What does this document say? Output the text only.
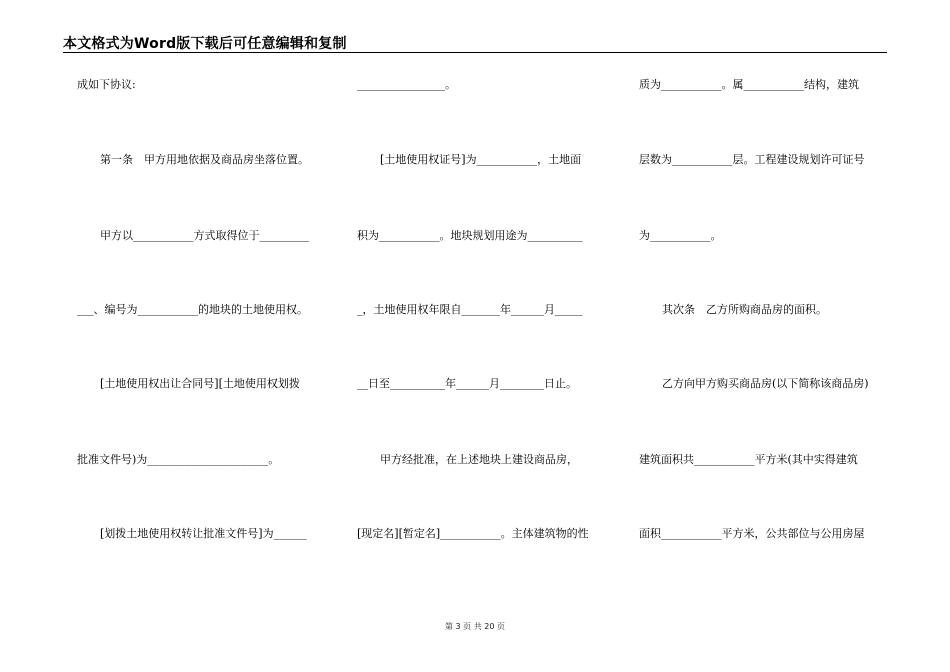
本文格式为Word版下载后可任意编辑和复制
成如下协议:
第一条　甲方用地依据及商品房坐落位置。
甲方以___________方式取得位于_________
___、编号为___________的地块的土地使用权。
[土地使用权出让合同号][土地使用权划拨
批准文件号)为______________________。
[划拨土地使用权转让批准文件号]为______
________________。
[土地使用权证号]为___________，土地面
积为___________。地块规划用途为__________
_，土地使用权年限自_______年______月_____
__日至__________年______月________日止。
甲方经批准，在上述地块上建设商品房，
[现定名][暂定名]___________。主体建筑物的性
质为___________。属___________结构，建筑
层数为___________层。工程建设规划许可证号
为___________。
其次条　乙方所购商品房的面积。
乙方向甲方购买商品房(以下简称该商品房)
建筑面积共___________平方米(其中实得建筑
面积___________平方米，公共部位与公用房屋
第 3 页 共 20 页
